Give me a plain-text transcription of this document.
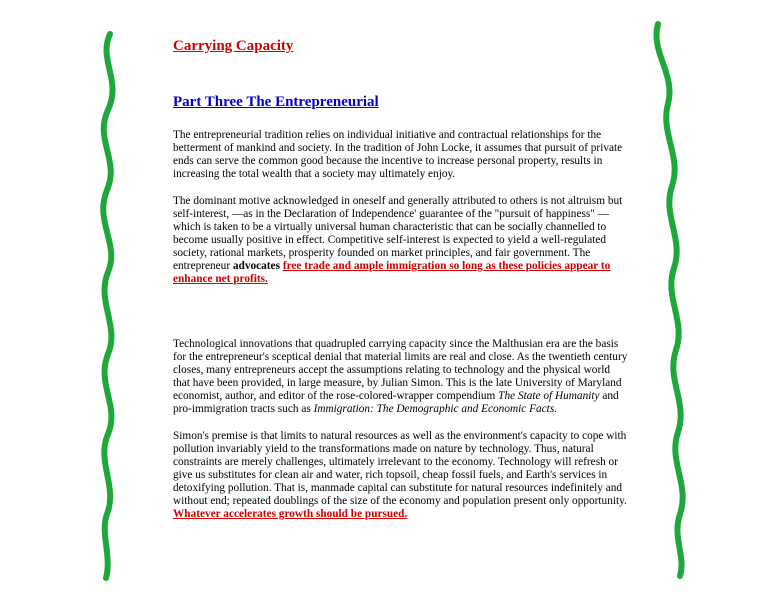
Carrying Capacity
Part Three The Entrepreneurial

The entrepreneurial tradition relies on individual initiative and contractual relationships for the betterment of mankind and society. In the tradition of John Locke, it assumes that pursuit of private ends can serve the common good because the incentive to increase personal property, results in increasing the total wealth that a society may ultimately enjoy.

The dominant motive acknowledged in oneself and generally attributed to others is not altruism but self-interest, —as in the Declaration of Independence' guarantee of the "pursuit of happiness" —which is taken to be a virtually universal human characteristic that can be socially channelled to become usually positive in effect. Competitive self-interest is expected to yield a well-regulated society, rational markets, prosperity founded on market principles, and fair government. The entrepreneur advocates free trade and ample immigration so long as these policies appear to enhance net profits.

Technological innovations that quadrupled carrying capacity since the Malthusian era are the basis for the entrepreneur's sceptical denial that material limits are real and close. As the twentieth century closes, many entrepreneurs accept the assumptions relating to technology and the physical world that have been provided, in large measure, by Julian Simon. This is the late University of Maryland economist, author, and editor of the rose-colored-wrapper compendium The State of Humanity and pro-immigration tracts such as Immigration: The Demographic and Economic Facts.

Simon's premise is that limits to natural resources as well as the environment's capacity to cope with pollution invariably yield to the transformations made on nature by technology. Thus, natural constraints are merely challenges, ultimately irrelevant to the economy. Technology will refresh or give us substitutes for clean air and water, rich topsoil, cheap fossil fuels, and Earth's services in detoxifying pollution. That is, manmade capital can substitute for natural resources indefinitely and without end; repeated doublings of the size of the economy and population present only opportunity. Whatever accelerates growth should be pursued.
